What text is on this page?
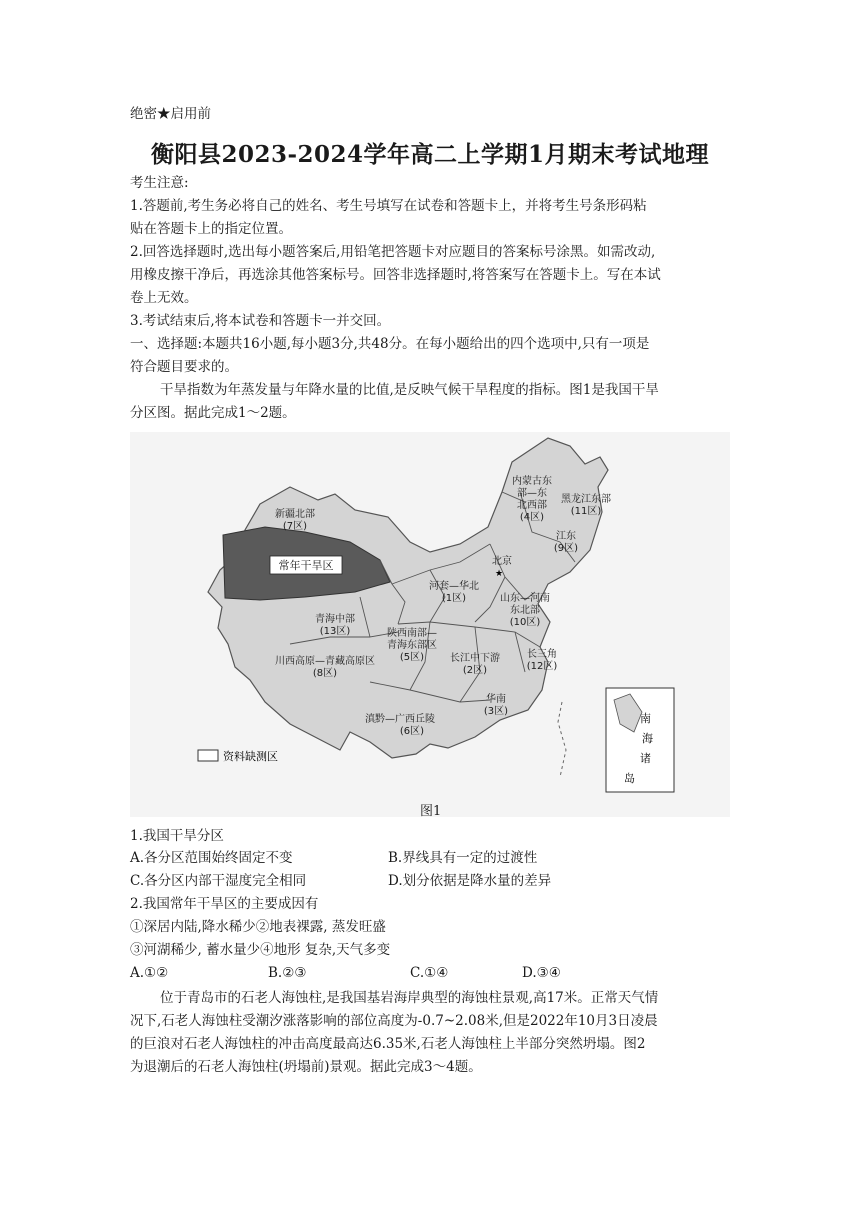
绝密★启用前
衡阳县2023-2024学年高二上学期1月期末考试地理
考生注意:
1.答题前,考生务必将自己的姓名、考生号填写在试卷和答题卡上，并将考生号条形码粘
贴在答题卡上的指定位置。
2.回答选择题时,选出每小题答案后,用铅笔把答题卡对应题目的答案标号涂黑。如需改动,
用橡皮擦干净后，再选涂其他答案标号。回答非选择题时,将答案写在答题卡上。写在本试
卷上无效。
3.考试结束后,将本试卷和答题卡一并交回。
一、选择题:本题共16小题,每小题3分,共48分。在每小题给出的四个选项中,只有一项是
符合题目要求的。
干旱指数为年蒸发量与年降水量的比值,是反映气候干旱程度的指标。图1是我国干旱
分区图。据此完成1～2题。
资料缺测区
南
海
诸
岛
新疆北部
(7区)
常年干旱区
内蒙古东
部—东
北西部
(4区)
黑龙江东部
(11区)
江东
(9区)
北京
河套—华北
(1区)	山东—河南
东北部
(10区)
青海中部
(13区)	陕西南部—
青海东部区
(5区)
川西高原—青藏高原区
(8区)
长江中下游
(2区)
长三角
(12区)
华南
(3区)
滇黔—广西丘陵
(6区)
★
图1
1.我国干旱分区
A.各分区范围始终固定不变	B.界线具有一定的过渡性
C.各分区内部干湿度完全相同	D.划分依据是降水量的差异
2.我国常年干旱区的主要成因有
①深居内陆,降水稀少②地表裸露, 蒸发旺盛
③河湖稀少, 蓄水量少④地形 复杂,天气多变
A.①②	B.②③	C.①④	D.③④
位于青岛市的石老人海蚀柱,是我国基岩海岸典型的海蚀柱景观,高17米。正常天气情
况下,石老人海蚀柱受潮汐涨落影响的部位高度为-0.7~2.08米,但是2022年10月3日凌晨
的巨浪对石老人海蚀柱的冲击高度最高达6.35米,石老人海蚀柱上半部分突然坍塌。图2
为退潮后的石老人海蚀柱(坍塌前)景观。据此完成3～4题。
